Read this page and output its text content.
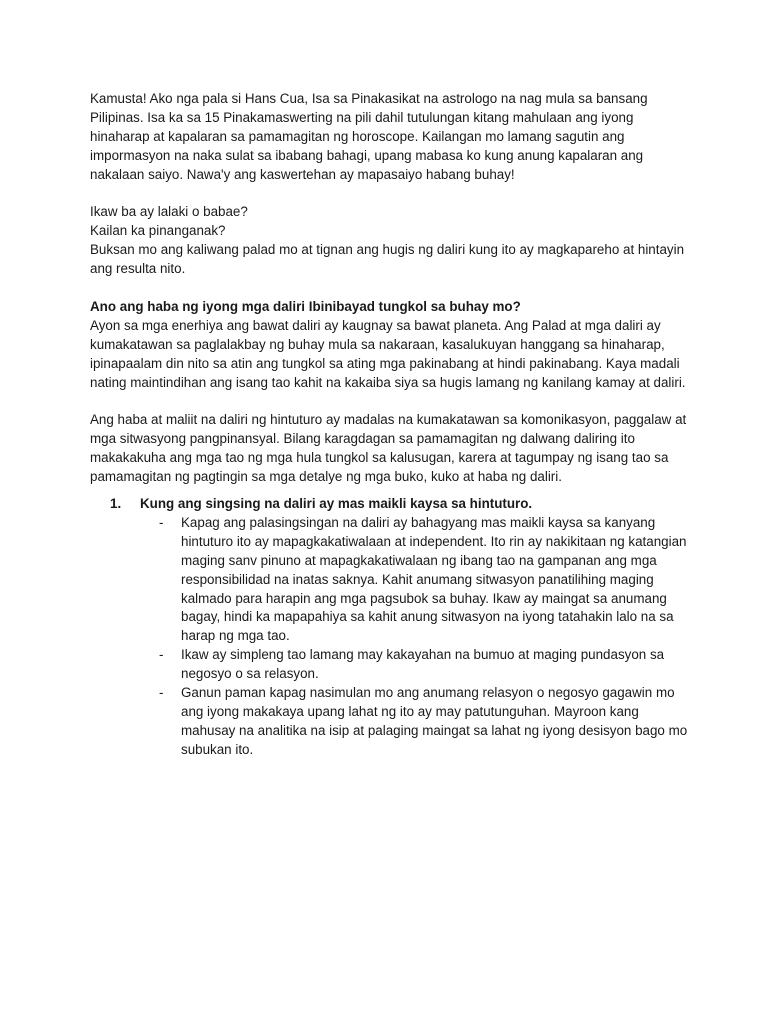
Kamusta! Ako nga pala si Hans Cua, Isa sa Pinakasikat na astrologo na nag mula sa bansang Pilipinas. Isa ka sa 15 Pinakamaswerting na pili dahil tutulungan kitang mahulaan ang iyong hinaharap at kapalaran sa pamamagitan ng horoscope. Kailangan mo lamang sagutin ang impormasyon na naka sulat sa ibabang bahagi, upang mabasa ko kung anung kapalaran ang nakalaan saiyo. Nawa'y ang kaswertehan ay mapasaiyo habang buhay!

Ikaw ba ay lalaki o babae?

Kailan ka pinanganak?

Buksan mo ang kaliwang palad mo at tignan ang hugis ng daliri kung ito ay magkapareho at hintayin ang resulta nito.

Ano ang haba ng iyong mga daliri Ibinibayad tungkol sa buhay mo?

Ayon sa mga enerhiya ang bawat daliri ay kaugnay sa bawat planeta. Ang Palad at mga daliri ay kumakatawan sa paglalakbay ng buhay mula sa nakaraan, kasalukuyan hanggang sa hinaharap, ipinapaalam din nito sa atin ang tungkol sa ating mga pakinabang at hindi pakinabang. Kaya madali nating maintindihan ang isang tao kahit na kakaiba siya sa hugis lamang ng kanilang kamay at daliri.

Ang haba at maliit na daliri ng hintuturo ay madalas na kumakatawan sa komonikasyon, paggalaw at mga sitwasyong pangpinansyal. Bilang karagdagan sa pamamagitan ng dalwang daliring ito makakakuha ang mga tao ng mga hula tungkol sa kalusugan, karera at tagumpay ng isang tao sa pamamagitan ng pagtingin sa mga detalye ng mga buko, kuko at haba ng daliri.

1. Kung ang singsing na daliri ay mas maikli kaysa sa hintuturo.
- Kapag ang palasingsingan na daliri ay bahagyang mas maikli kaysa sa kanyang hintuturo ito ay mapagkakatiwalaan at independent. Ito rin ay nakikitaan ng katangian maging sanv pinuno at mapagkakatiwalaan ng ibang tao na gampanan ang mga responsibilidad na inatas saknya. Kahit anumang sitwasyon panatilihing maging kalmado para harapin ang mga pagsubok sa buhay. Ikaw ay maingat sa anumang bagay, hindi ka mapapahiya sa kahit anung sitwasyon na iyong tatahakin lalo na sa harap ng mga tao.
- Ikaw ay simpleng tao lamang may kakayahan na bumuo at maging pundasyon sa negosyo o sa relasyon.
- Ganun paman kapag nasimulan mo ang anumang relasyon o negosyo gagawin mo ang iyong makakaya upang lahat ng ito ay may patutunguhan. Mayroon kang mahusay na analitika na isip at palaging maingat sa lahat ng iyong desisyon bago mo subukan ito.
